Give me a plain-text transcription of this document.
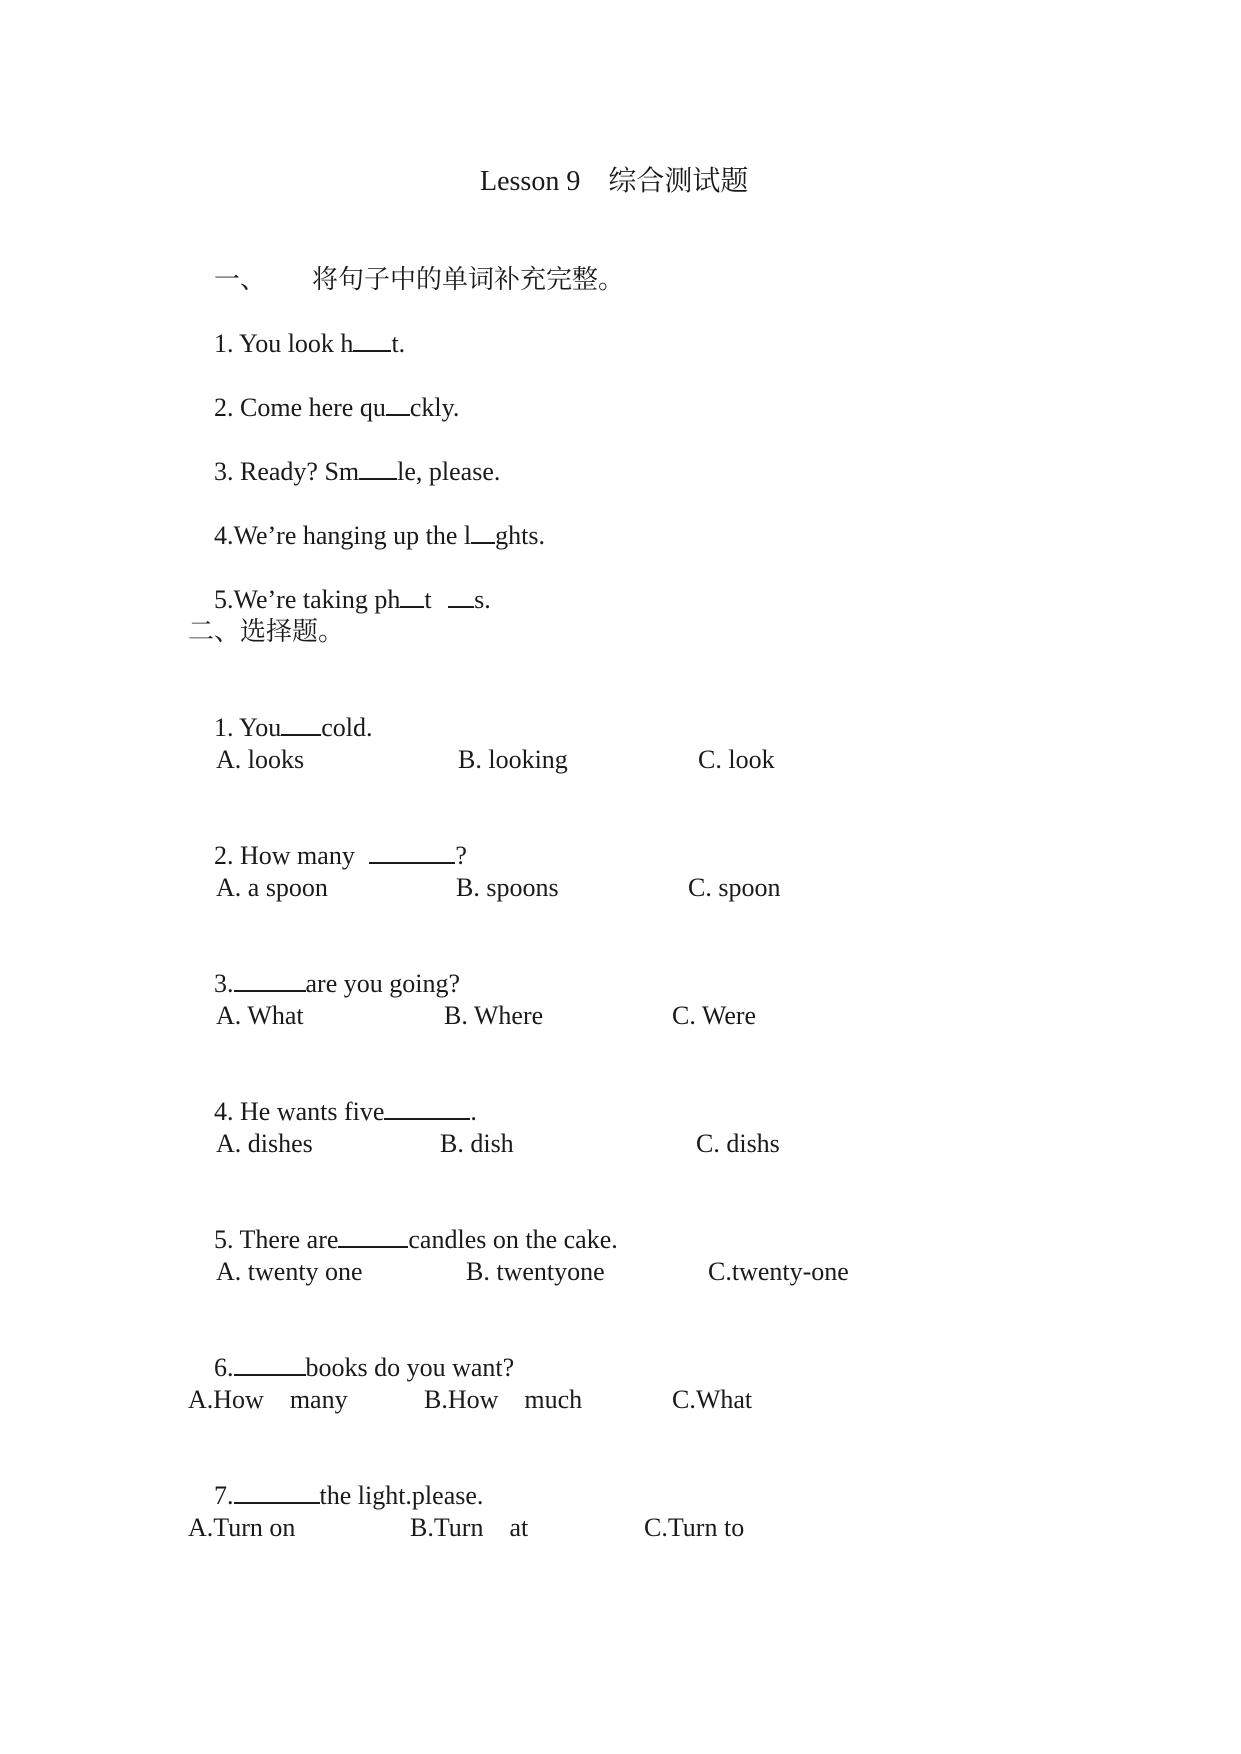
Lesson 9    综合测试题

一、 将句子中的单词补充完整。

1. You look h t.

2. Come here qu ckly.

3. Ready? Sm le, please.

4.We’re hanging up the l ghts.

5.We’re taking ph t s.

二、选择题。

1. You cold.

A. looks	B. looking	C. look

2. How many	?

A. a spoon	B. spoons	C. spoon

3.	are you going?

A. What	B. Where	C. Were

4. He wants five	.

A. dishes	B. dish	C. dishs

5. There are	candles on the cake.

A. twenty one	B. twentyone	C.twenty-one

6.	books do you want?

A.How    many	B.How    much	C.What

7.	the light.please.

A.Turn on	B.Turn    at	C.Turn to
